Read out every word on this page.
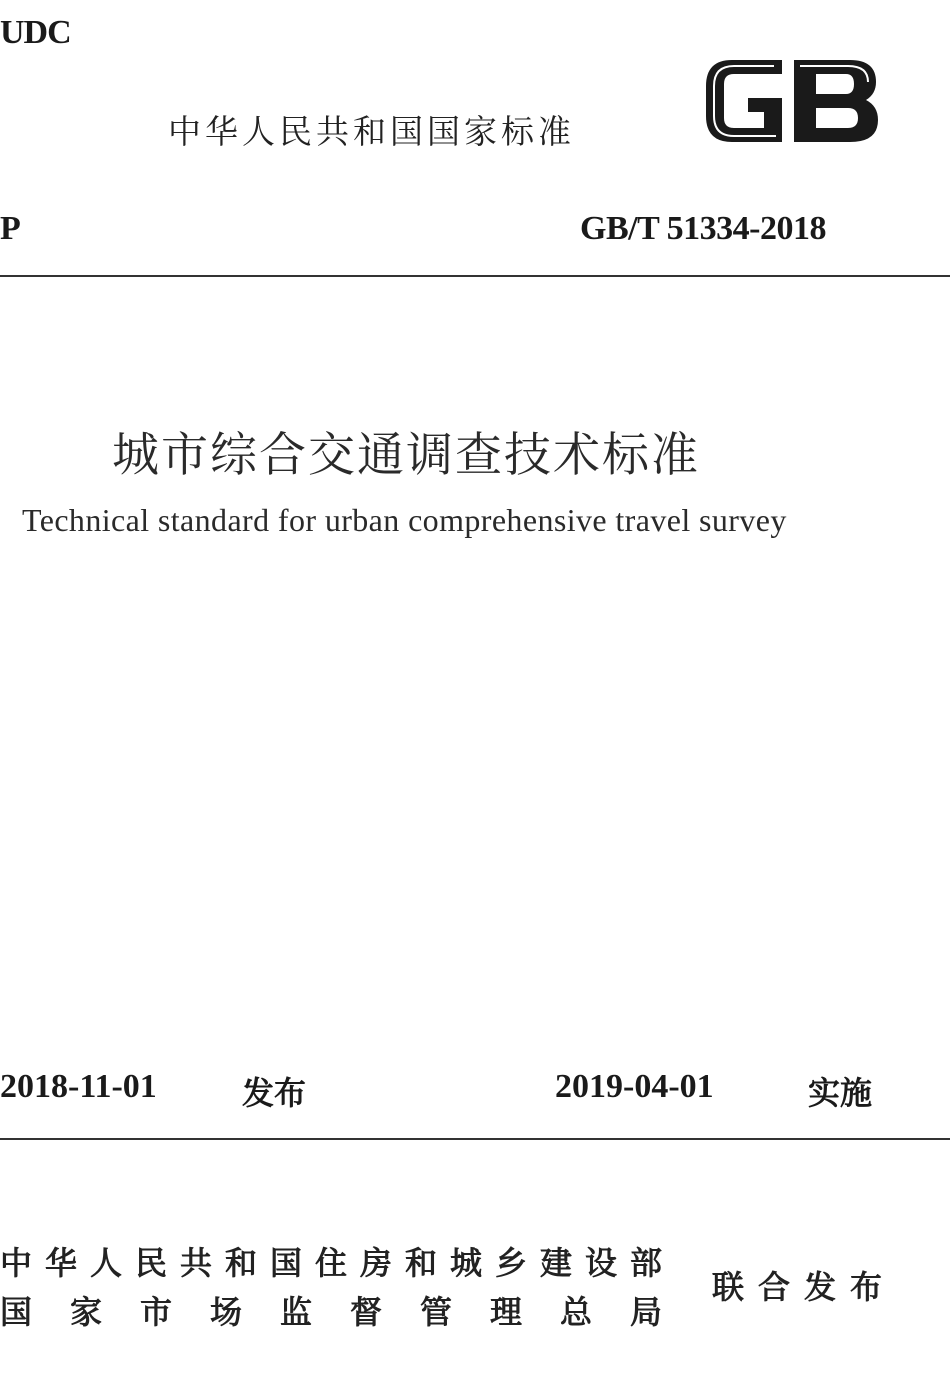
UDC
中华人民共和国国家标准
P	GB/T 51334-2018
城市综合交通调查技术标准
Technical standard for urban comprehensive travel survey
2018-11-01	发布	2019-04-01	实施
中华人民共和国住房和城乡建设部
国家市场监督管理总局
联合发布
